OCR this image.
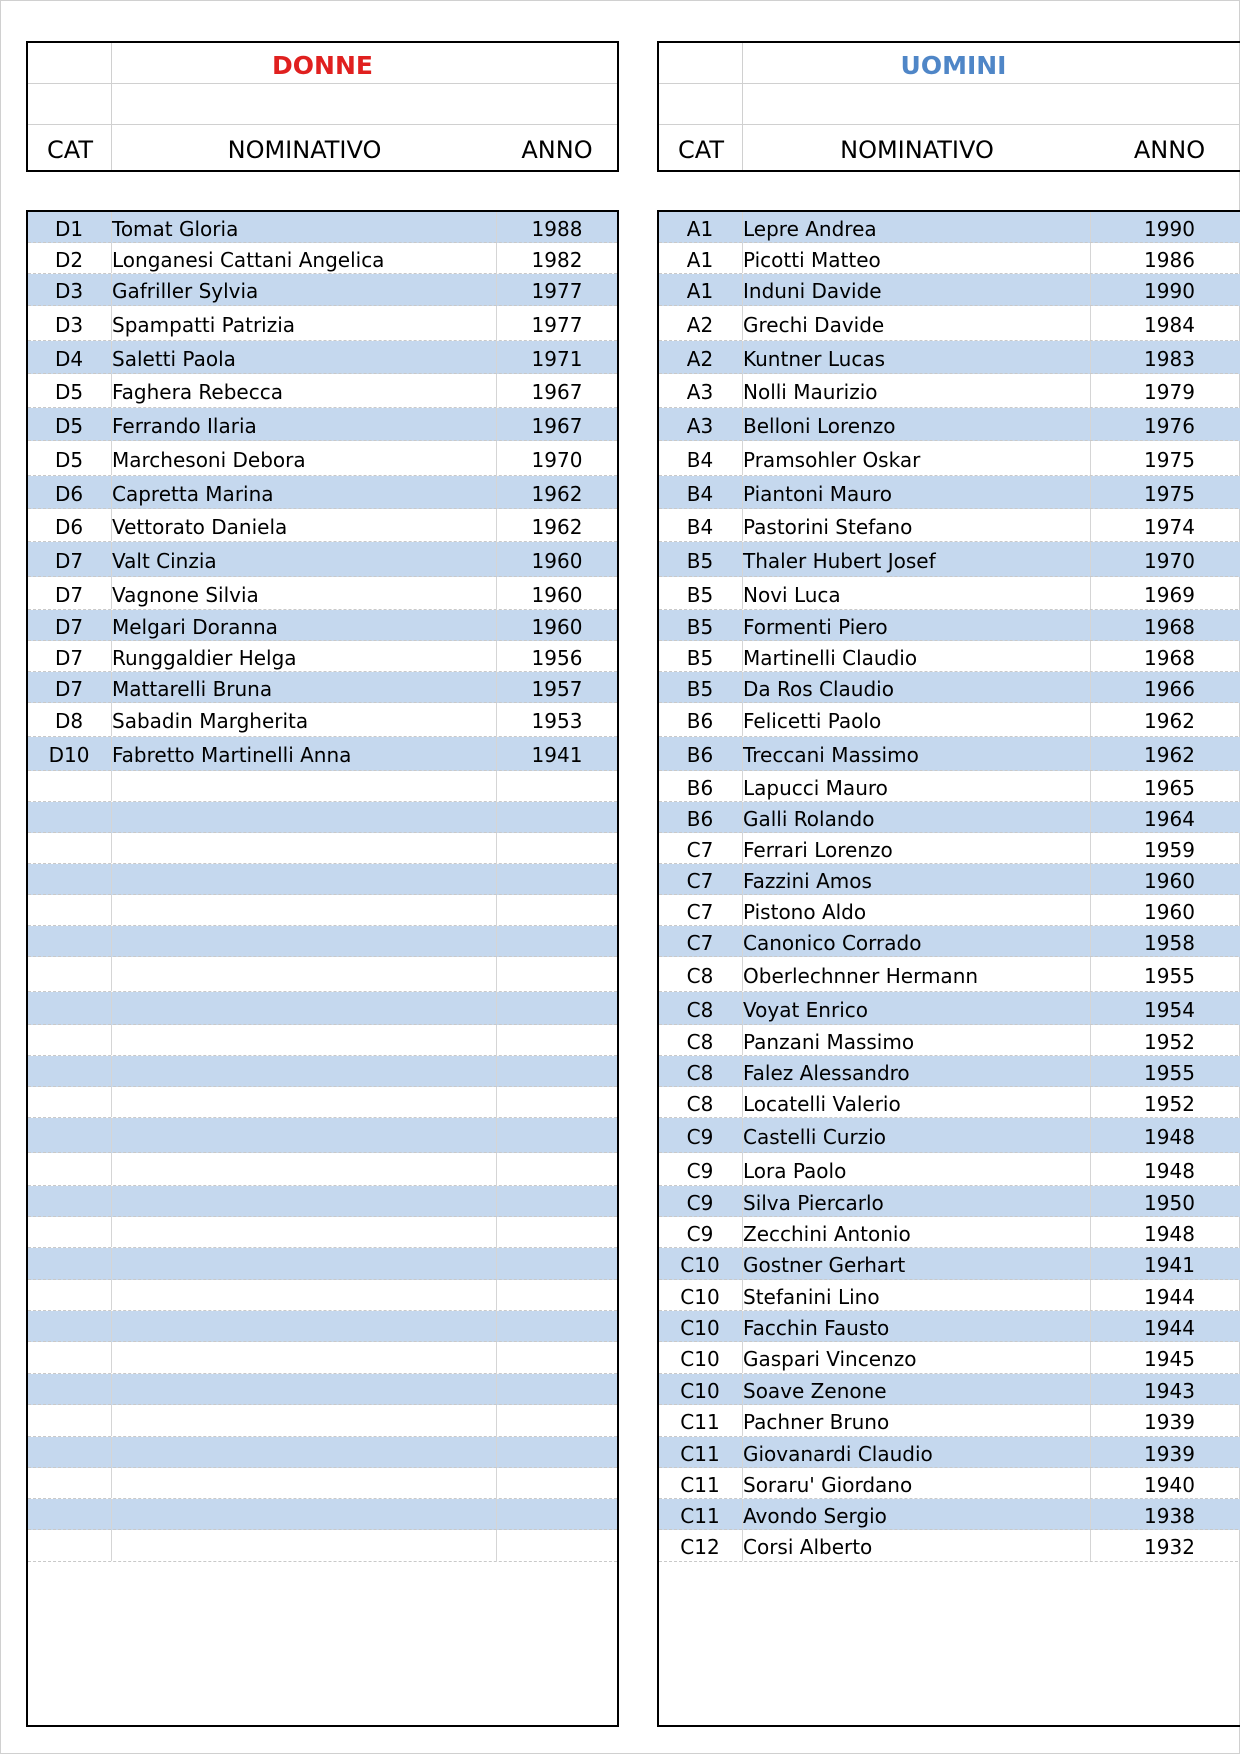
DONNE
CAT	NOMINATIVO	ANNO
D1	Tomat Gloria	1988
D2	Longanesi Cattani Angelica	1982
D3	Gafriller Sylvia	1977
D3	Spampatti Patrizia	1977
D4	Saletti Paola	1971
D5	Faghera Rebecca	1967
D5	Ferrando Ilaria	1967
D5	Marchesoni Debora	1970
D6	Capretta Marina	1962
D6	Vettorato Daniela	1962
D7	Valt Cinzia	1960
D7	Vagnone Silvia	1960
D7	Melgari Doranna	1960
D7	Runggaldier Helga	1956
D7	Mattarelli Bruna	1957
D8	Sabadin Margherita	1953
D10	Fabretto Martinelli Anna	1941
UOMINI
CAT	NOMINATIVO	ANNO
A1	Lepre Andrea	1990
A1	Picotti Matteo	1986
A1	Induni Davide	1990
A2	Grechi Davide	1984
A2	Kuntner Lucas	1983
A3	Nolli Maurizio	1979
A3	Belloni Lorenzo	1976
B4	Pramsohler Oskar	1975
B4	Piantoni Mauro	1975
B4	Pastorini Stefano	1974
B5	Thaler Hubert Josef	1970
B5	Novi Luca	1969
B5	Formenti Piero	1968
B5	Martinelli Claudio	1968
B5	Da Ros Claudio	1966
B6	Felicetti Paolo	1962
B6	Treccani Massimo	1962
B6	Lapucci Mauro	1965
B6	Galli Rolando	1964
C7	Ferrari Lorenzo	1959
C7	Fazzini Amos	1960
C7	Pistono Aldo	1960
C7	Canonico Corrado	1958
C8	Oberlechnner Hermann	1955
C8	Voyat Enrico	1954
C8	Panzani Massimo	1952
C8	Falez Alessandro	1955
C8	Locatelli Valerio	1952
C9	Castelli Curzio	1948
C9	Lora Paolo	1948
C9	Silva Piercarlo	1950
C9	Zecchini Antonio	1948
C10	Gostner Gerhart	1941
C10	Stefanini Lino	1944
C10	Facchin Fausto	1944
C10	Gaspari Vincenzo	1945
C10	Soave Zenone	1943
C11	Pachner Bruno	1939
C11	Giovanardi Claudio	1939
C11	Soraru' Giordano	1940
C11	Avondo Sergio	1938
C12	Corsi Alberto	1932
